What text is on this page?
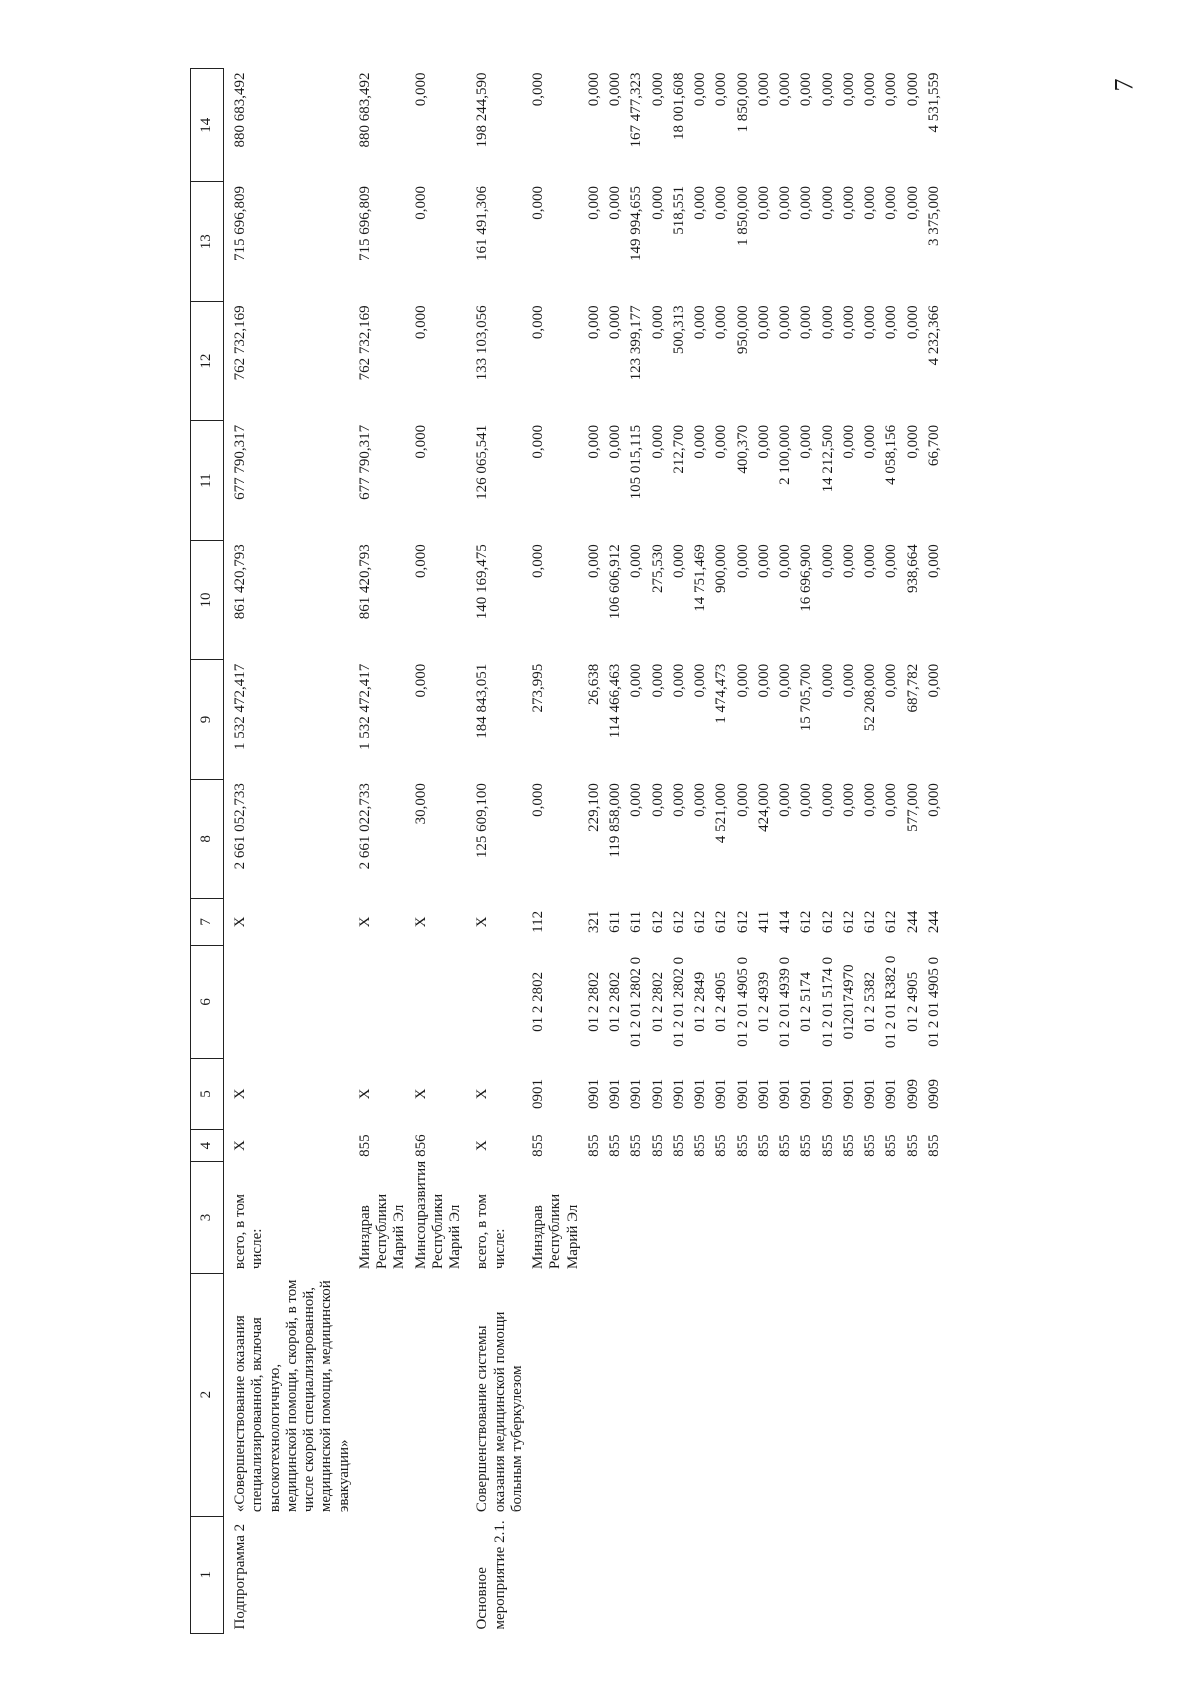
7
1	2	3	4	5	6	7	8	9	10	11	12	13	14
Подпрограмма 2	«Совершенствование оказания специализированной, включая высокотехнологичную, медицинской помощи, скорой, в том числе скорой специализированной, медицинской помощи, медицинской эвакуации»	всего, в том числе:	X	X		X	2 661 052,733	1 532 472,417	861 420,793	677 790,317	762 732,169	715 696,809	880 683,492
		Минздрав Республики Марий Эл	855	X		X	2 661 022,733	1 532 472,417	861 420,793	677 790,317	762 732,169	715 696,809	880 683,492
		Минсоцразвития Республики Марий Эл	856	X		X	30,000	0,000	0,000	0,000	0,000	0,000	0,000
Основное мероприятие 2.1.	Совершенствование системы оказания медицинской помощи больным туберкулезом	всего, в том числе:	X	X		X	125 609,100	184 843,051	140 169,475	126 065,541	133 103,056	161 491,306	198 244,590
		Минздрав Республики Марий Эл	855	0901	01 2 2802	112	0,000	273,995	0,000	0,000	0,000	0,000	0,000
			855	0901	01 2 2802	321	229,100	26,638	0,000	0,000	0,000	0,000	0,000
			855	0901	01 2 2802	611	119 858,000	114 466,463	106 606,912	0,000	0,000	0,000	0,000
			855	0901	01 2 01 2802 0	611	0,000	0,000	0,000	105 015,115	123 399,177	149 994,655	167 477,323
			855	0901	01 2 2802	612	0,000	0,000	275,530	0,000	0,000	0,000	0,000
			855	0901	01 2 01 2802 0	612	0,000	0,000	0,000	212,700	500,313	518,551	18 001,608
			855	0901	01 2 2849	612	0,000	0,000	14 751,469	0,000	0,000	0,000	0,000
			855	0901	01 2 4905	612	4 521,000	1 474,473	900,000	0,000	0,000	0,000	0,000
			855	0901	01 2 01 4905 0	612	0,000	0,000	0,000	400,370	950,000	1 850,000	1 850,000
			855	0901	01 2 4939	411	424,000	0,000	0,000	0,000	0,000	0,000	0,000
			855	0901	01 2 01 4939 0	414	0,000	0,000	0,000	2 100,000	0,000	0,000	0,000
			855	0901	01 2 5174	612	0,000	15 705,700	16 696,900	0,000	0,000	0,000	0,000
			855	0901	01 2 01 5174 0	612	0,000	0,000	0,000	14 212,500	0,000	0,000	0,000
			855	0901	0120174970	612	0,000	0,000	0,000	0,000	0,000	0,000	0,000
			855	0901	01 2 5382	612	0,000	52 208,000	0,000	0,000	0,000	0,000	0,000
			855	0901	01 2 01 R382 0	612	0,000	0,000	0,000	4 058,156	0,000	0,000	0,000
			855	0909	01 2 4905	244	577,000	687,782	938,664	0,000	0,000	0,000	0,000
			855	0909	01 2 01 4905 0	244	0,000	0,000	0,000	66,700	4 232,366	3 375,000	4 531,559
